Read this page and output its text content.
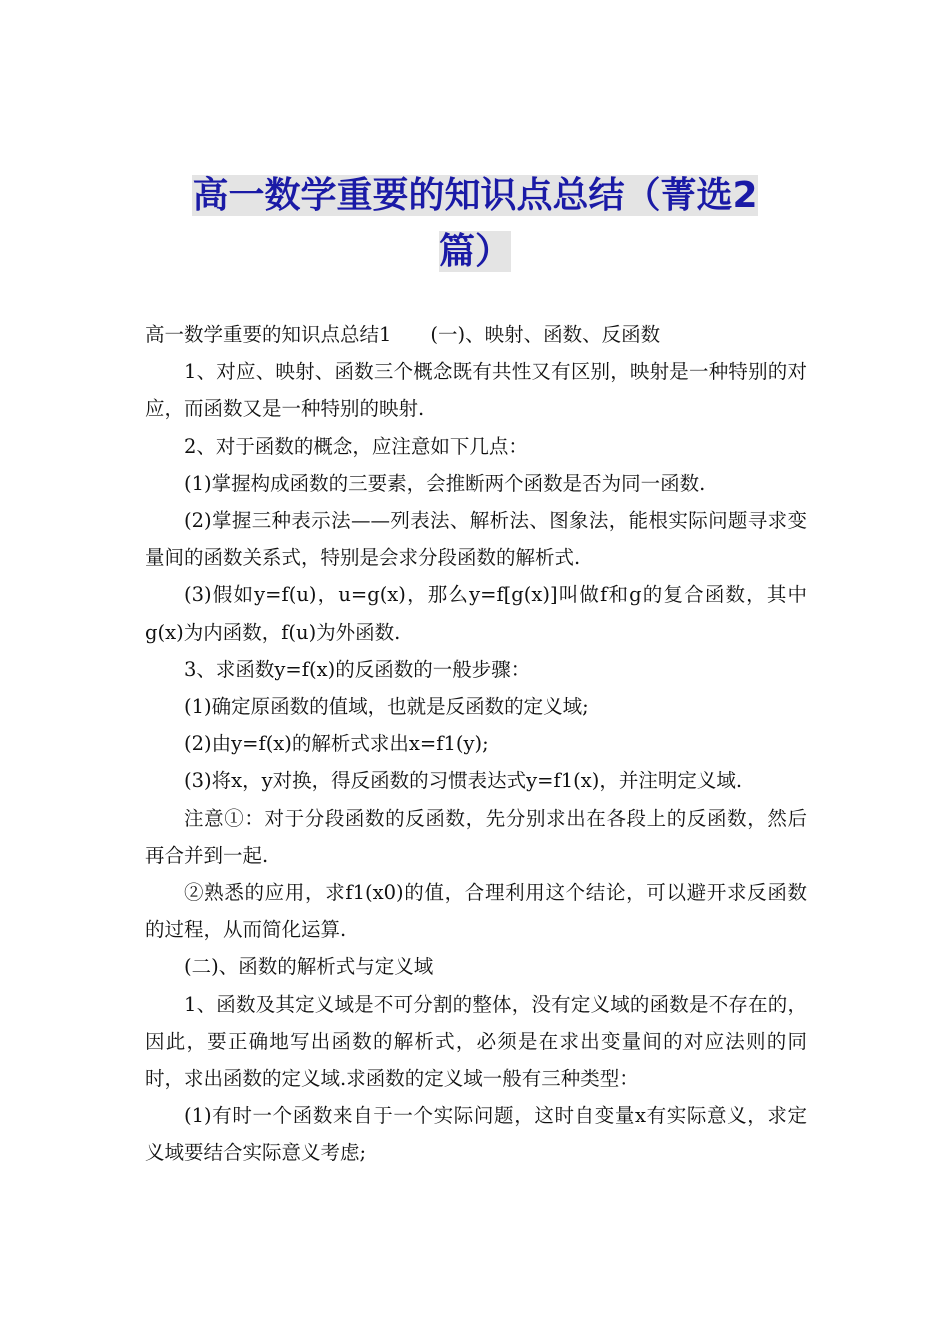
高一数学重要的知识点总结（菁选2
篇）

高一数学重要的知识点总结1　　(一)、映射、函数、反函数

1、对应、映射、函数三个概念既有共性又有区别，映射是一种特别的对应，而函数又是一种特别的映射.

2、对于函数的概念，应注意如下几点：

(1)掌握构成函数的三要素，会推断两个函数是否为同一函数.

(2)掌握三种表示法——列表法、解析法、图象法，能根实际问题寻求变量间的函数关系式，特别是会求分段函数的解析式.

(3)假如y=f(u)，u=g(x)，那么y=f[g(x)]叫做f和g的复合函数，其中g(x)为内函数，f(u)为外函数.

3、求函数y=f(x)的反函数的一般步骤：

(1)确定原函数的值域，也就是反函数的定义域;

(2)由y=f(x)的解析式求出x=f1(y);

(3)将x，y对换，得反函数的习惯表达式y=f1(x)，并注明定义域.

注意①：对于分段函数的反函数，先分别求出在各段上的反函数，然后再合并到一起.

②熟悉的应用，求f1(x0)的值，合理利用这个结论，可以避开求反函数的过程，从而简化运算.

(二)、函数的解析式与定义域

1、函数及其定义域是不可分割的整体，没有定义域的函数是不存在的，因此，要正确地写出函数的解析式，必须是在求出变量间的对应法则的同时，求出函数的定义域.求函数的定义域一般有三种类型：

(1)有时一个函数来自于一个实际问题，这时自变量x有实际意义，求定义域要结合实际意义考虑;
